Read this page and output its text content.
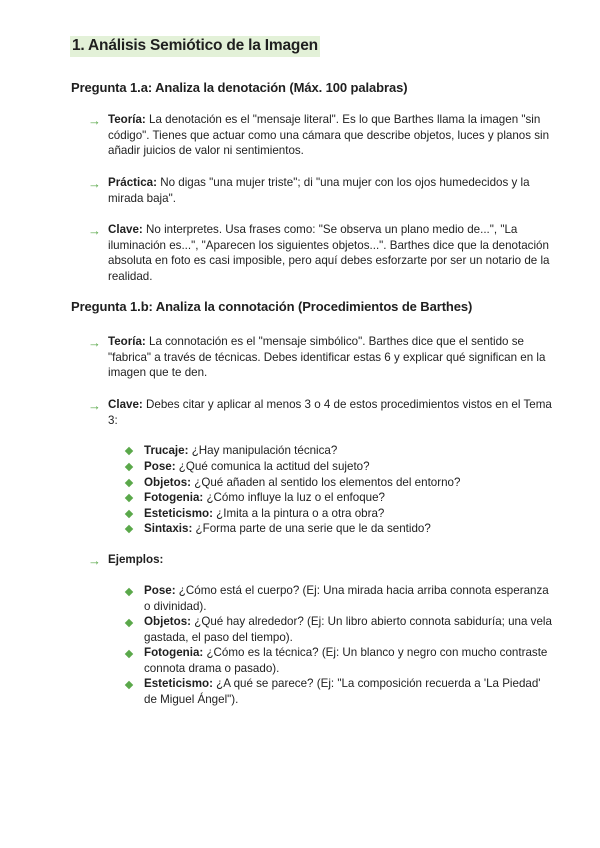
1. Análisis Semiótico de la Imagen
Pregunta 1.a: Analiza la denotación (Máx. 100 palabras)
→ Teoría: La denotación es el "mensaje literal". Es lo que Barthes llama la imagen "sin código". Tienes que actuar como una cámara que describe objetos, luces y planos sin añadir juicios de valor ni sentimientos.
→ Práctica: No digas "una mujer triste"; di "una mujer con los ojos humedecidos y la mirada baja".
→ Clave: No interpretes. Usa frases como: "Se observa un plano medio de...", "La iluminación es...", "Aparecen los siguientes objetos...". Barthes dice que la denotación absoluta en foto es casi imposible, pero aquí debes esforzarte por ser un notario de la realidad.
Pregunta 1.b: Analiza la connotación (Procedimientos de Barthes)
→ Teoría: La connotación es el "mensaje simbólico". Barthes dice que el sentido se "fabrica" a través de técnicas. Debes identificar estas 6 y explicar qué significan en la imagen que te den.
→ Clave: Debes citar y aplicar al menos 3 o 4 de estos procedimientos vistos en el Tema 3:
Trucaje: ¿Hay manipulación técnica?
Pose: ¿Qué comunica la actitud del sujeto?
Objetos: ¿Qué añaden al sentido los elementos del entorno?
Fotogenia: ¿Cómo influye la luz o el enfoque?
Esteticismo: ¿Imita a la pintura o a otra obra?
Sintaxis: ¿Forma parte de una serie que le da sentido?
→ Ejemplos:
Pose: ¿Cómo está el cuerpo? (Ej: Una mirada hacia arriba connota esperanza o divinidad).
Objetos: ¿Qué hay alrededor? (Ej: Un libro abierto connota sabiduría; una vela gastada, el paso del tiempo).
Fotogenia: ¿Cómo es la técnica? (Ej: Un blanco y negro con mucho contraste connota drama o pasado).
Esteticismo: ¿A qué se parece? (Ej: "La composición recuerda a 'La Piedad' de Miguel Ángel").
